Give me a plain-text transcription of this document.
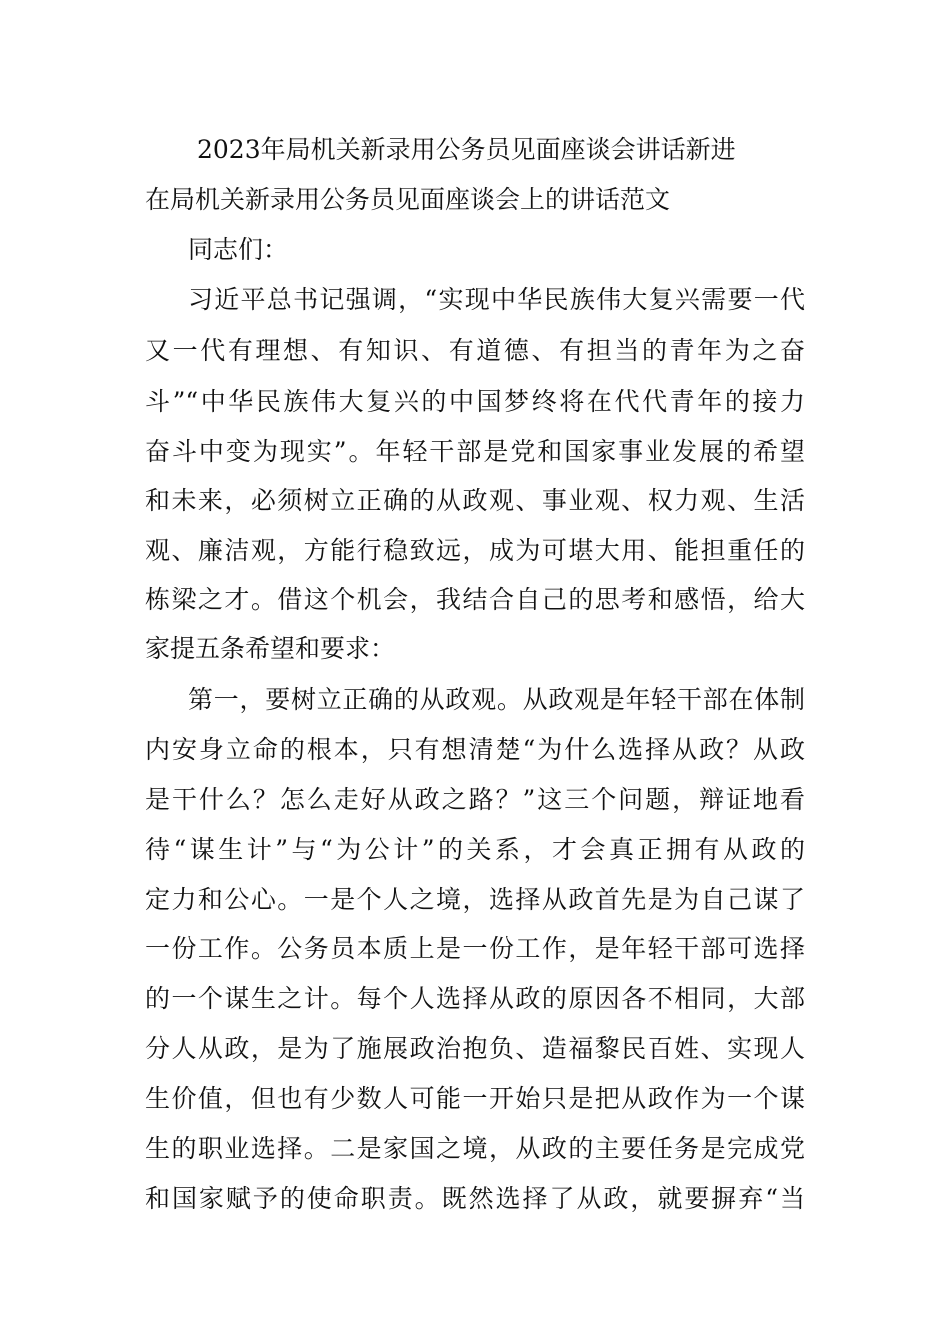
2023年局机关新录用公务员见面座谈会讲话新进
在局机关新录用公务员见面座谈会上的讲话范文
同志们：
习近平总书记强调，“实现中华民族伟大复兴需要一代
又一代有理想、有知识、有道德、有担当的青年为之奋
斗”“中华民族伟大复兴的中国梦终将在代代青年的接力
奋斗中变为现实”。年轻干部是党和国家事业发展的希望
和未来，必须树立正确的从政观、事业观、权力观、生活
观、廉洁观，方能行稳致远，成为可堪大用、能担重任的
栋梁之才。借这个机会，我结合自己的思考和感悟，给大
家提五条希望和要求：
第一，要树立正确的从政观。从政观是年轻干部在体制
内安身立命的根本，只有想清楚“为什么选择从政？从政
是干什么？怎么走好从政之路？”这三个问题，辩证地看
待“谋生计”与“为公计”的关系，才会真正拥有从政的
定力和公心。一是个人之境，选择从政首先是为自己谋了
一份工作。公务员本质上是一份工作，是年轻干部可选择
的一个谋生之计。每个人选择从政的原因各不相同，大部
分人从政，是为了施展政治抱负、造福黎民百姓、实现人
生价值，但也有少数人可能一开始只是把从政作为一个谋
生的职业选择。二是家国之境，从政的主要任务是完成党
和国家赋予的使命职责。既然选择了从政，就要摒弃“当
